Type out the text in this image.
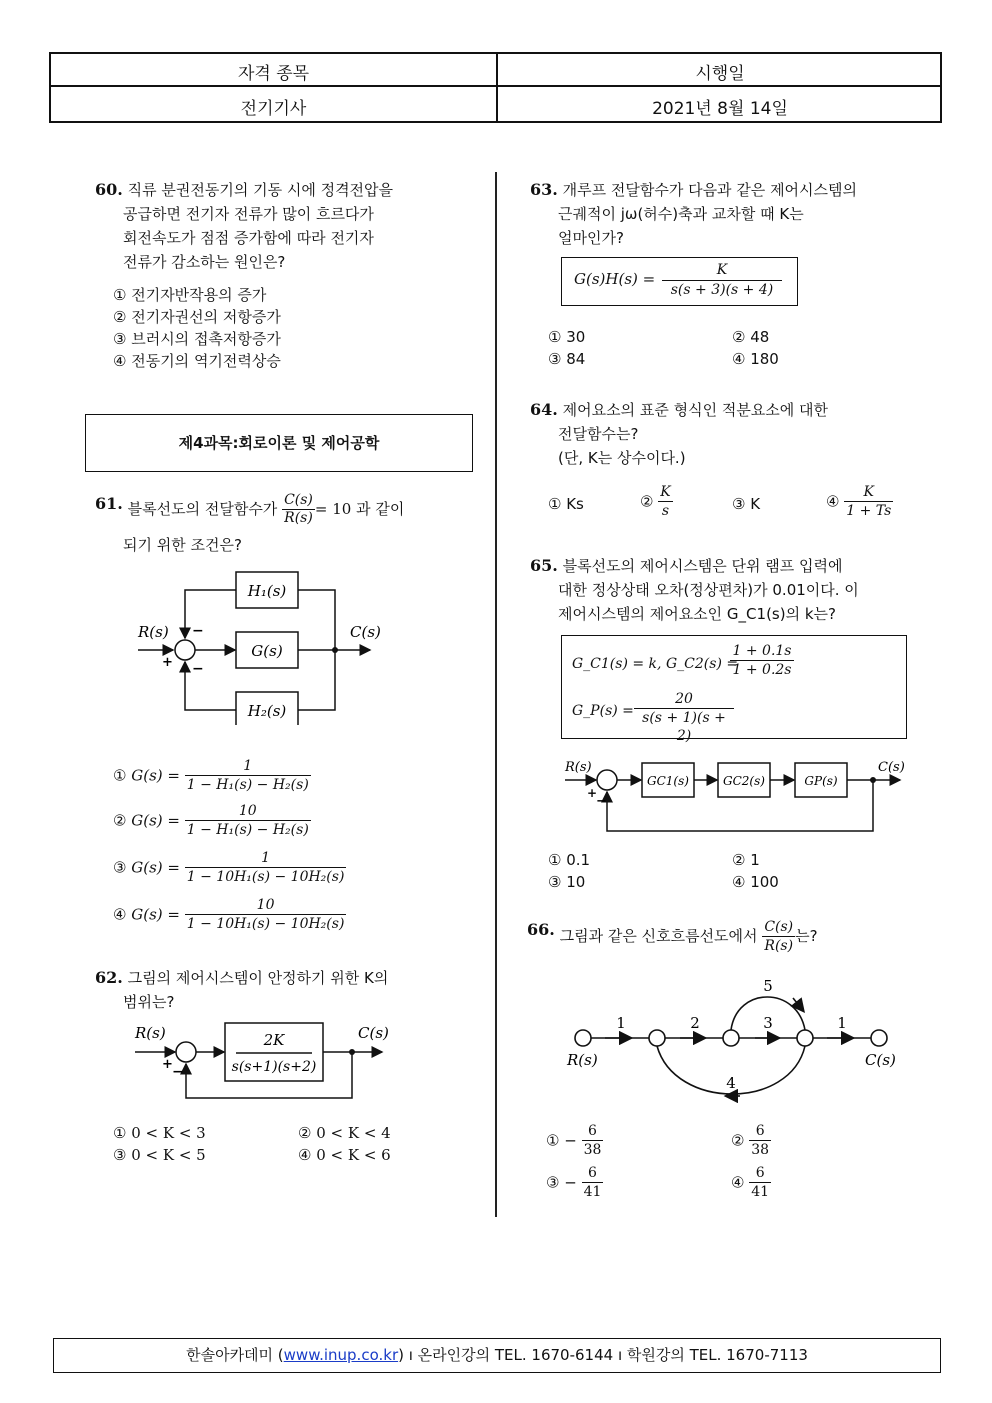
자격 종목	시행일
전기기사	2021년 8월 14일
60. 직류 분권전동기의 기동 시에 정격전압을
공급하면 전기자 전류가 많이 흐르다가
회전속도가 점점 증가함에 따라 전기자
전류가 감소하는 원인은?
① 전기자반작용의 증가
② 전기자권선의 저항증가
③ 브러시의 접촉저항증가
④ 전동기의 역기전력상승
제4과목:회로이론 및 제어공학
61. 블록선도의 전달함수가 $\frac{C(s)}{R(s)} = 10$ 과 같이
되기 위한 조건은?
R(s)	C(s)
H₁(s)
G(s)
H₂(s)
+
−
−
① $G(s) = \frac{1}{\text{1 − H₁(s) − H₂(s)}}$
② $G(s) = \frac{10}{\text{1 − H₁(s) − H₂(s)}}$
③ $G(s) = \frac{1}{\text{1 − 10H₁(s) − 10H₂(s)}}$
④ $G(s) = \frac{10}{\text{1 − 10H₁(s) − 10H₂(s)}}$
62. 그림의 제어시스템이 안정하기 위한 K의
범위는?
R(s)	C(s)
2K
s(s+1)(s+2)
+ −
① 0 < K < 3	② 0 < K < 4
③ 0 < K < 5	④ 0 < K < 6
63. 개루프 전달함수가 다음과 같은 제어시스템의
근궤적이 jω(허수)축과 교차할 때 K는
얼마인가?
$G(s)H(s) = \frac{K}{s(s + 3)(s + 4)}$
① 30	② 48
③ 84	④ 180
64. 제어요소의 표준 형식인 적분요소에 대한
전달함수는?
(단, K는 상수이다.)
① Ks	② $\frac{K}{s}$	③ K	④ $\frac{K}{1 + Ts}$
65. 블록선도의 제어시스템은 단위 램프 입력에
대한 정상상태 오차(정상편차)가 0.01이다. 이
제어시스템의 제어요소인 G_C1(s)의 k는?
G_C1(s) = k, G_C2(s) =
$\frac{1 + 0.1s}{1 + 0.2s}$
G_P(s) = $\frac{20}{s(s + 1)(s + 2)}$
R(s)	C(s)
GC1(s)	GC2(s)	GP(s)
+
−
① 0.1	② 1
③ 10	④ 100
66. 그림과 같은 신호흐름선도에서 $\frac{C(s)}{R(s)}$ 는?
1	2	3	1
5
4
R(s)	C(s)
① − $\frac{6}{38}$	② $\frac{6}{38}$
③ − $\frac{6}{41}$	④ $\frac{6}{41}$
한솔아카데미 (www.inup.co.kr) ı 온라인강의 TEL. 1670-6144 ı 학원강의 TEL. 1670-7113
